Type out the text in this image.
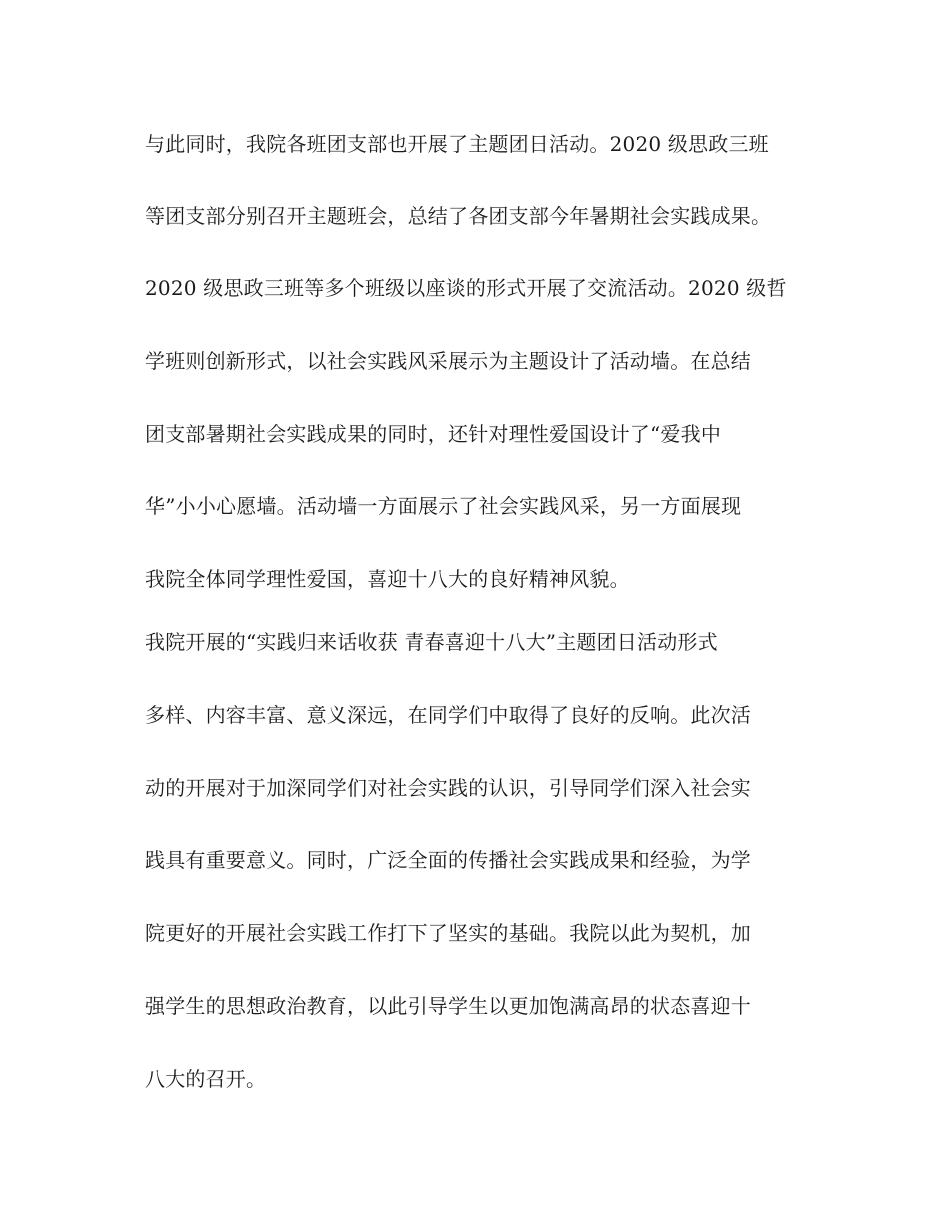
与此同时，我院各班团支部也开展了主题团日活动。2020 级思政三班
等团支部分别召开主题班会，总结了各团支部今年暑期社会实践成果。
2020 级思政三班等多个班级以座谈的形式开展了交流活动。2020 级哲
学班则创新形式，以社会实践风采展示为主题设计了活动墙。在总结
团支部暑期社会实践成果的同时，还针对理性爱国设计了“爱我中
华”小小心愿墙。活动墙一方面展示了社会实践风采，另一方面展现
我院全体同学理性爱国，喜迎十八大的良好精神风貌。
我院开展的“实践归来话收获 青春喜迎十八大”主题团日活动形式
多样、内容丰富、意义深远，在同学们中取得了良好的反响。此次活
动的开展对于加深同学们对社会实践的认识，引导同学们深入社会实
践具有重要意义。同时，广泛全面的传播社会实践成果和经验，为学
院更好的开展社会实践工作打下了坚实的基础。我院以此为契机，加
强学生的思想政治教育，以此引导学生以更加饱满高昂的状态喜迎十
八大的召开。
